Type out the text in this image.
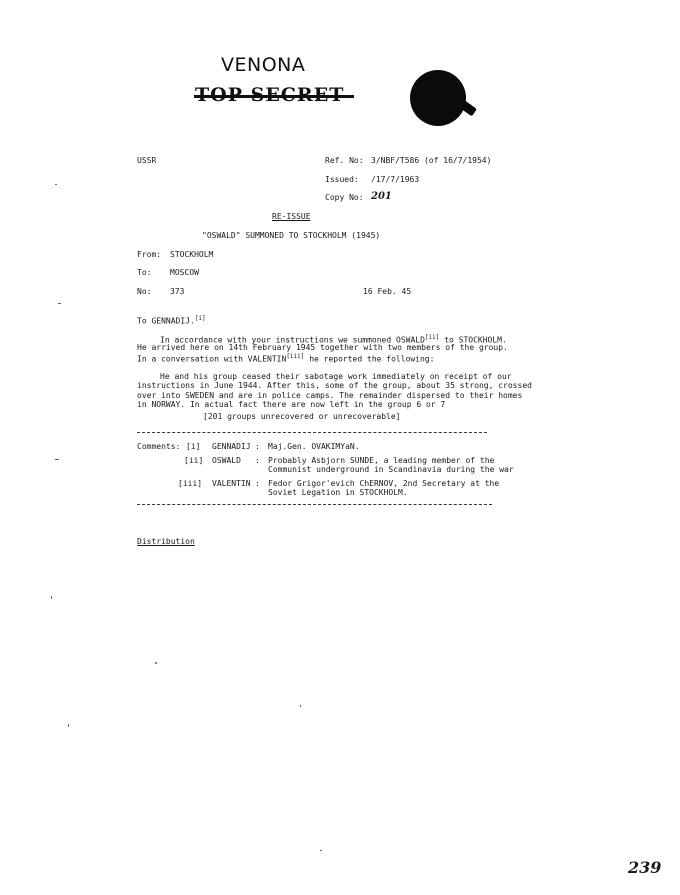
VENONA
USSR	Ref. No: 3/NBF/T586 (of 16/7/1954)
Issued: /17/7/1963
Copy No: 201
RE-ISSUE
"OSWALD" SUMMONED TO STOCKHOLM (1945)
From: STOCKHOLM
To: MOSCOW
No: 373	16 Feb. 45
To GENNADIJ.[i]
In accordance with your instructions we summoned OSWALD[ii] to STOCKHOLM.
He arrived here on 14th February 1945 together with two members of the group.
In a conversation with VALENTIN[iii] he reported the following:
He and his group ceased their sabotage work immediately on receipt of our
instructions in June 1944. After this, some of the group, about 35 strong, crossed
over into SWEDEN and are in police camps. The remainder dispersed to their homes
in NORWAY. In actual fact there are now left in the group 6 or 7
[201 groups unrecovered or unrecoverable]
Comments: [i] GENNADIJ : Maj.Gen. OVAKIMYaN.
[ii] OSWALD : Probably Asbjorn SUNDE, a leading member of the
Communist underground in Scandinavia during the war
[iii] VALENTIN : Fedor Grigor'evich ChERNOV, 2nd Secretary at the
Soviet Legation in STOCKHOLM.
Distribution
239
